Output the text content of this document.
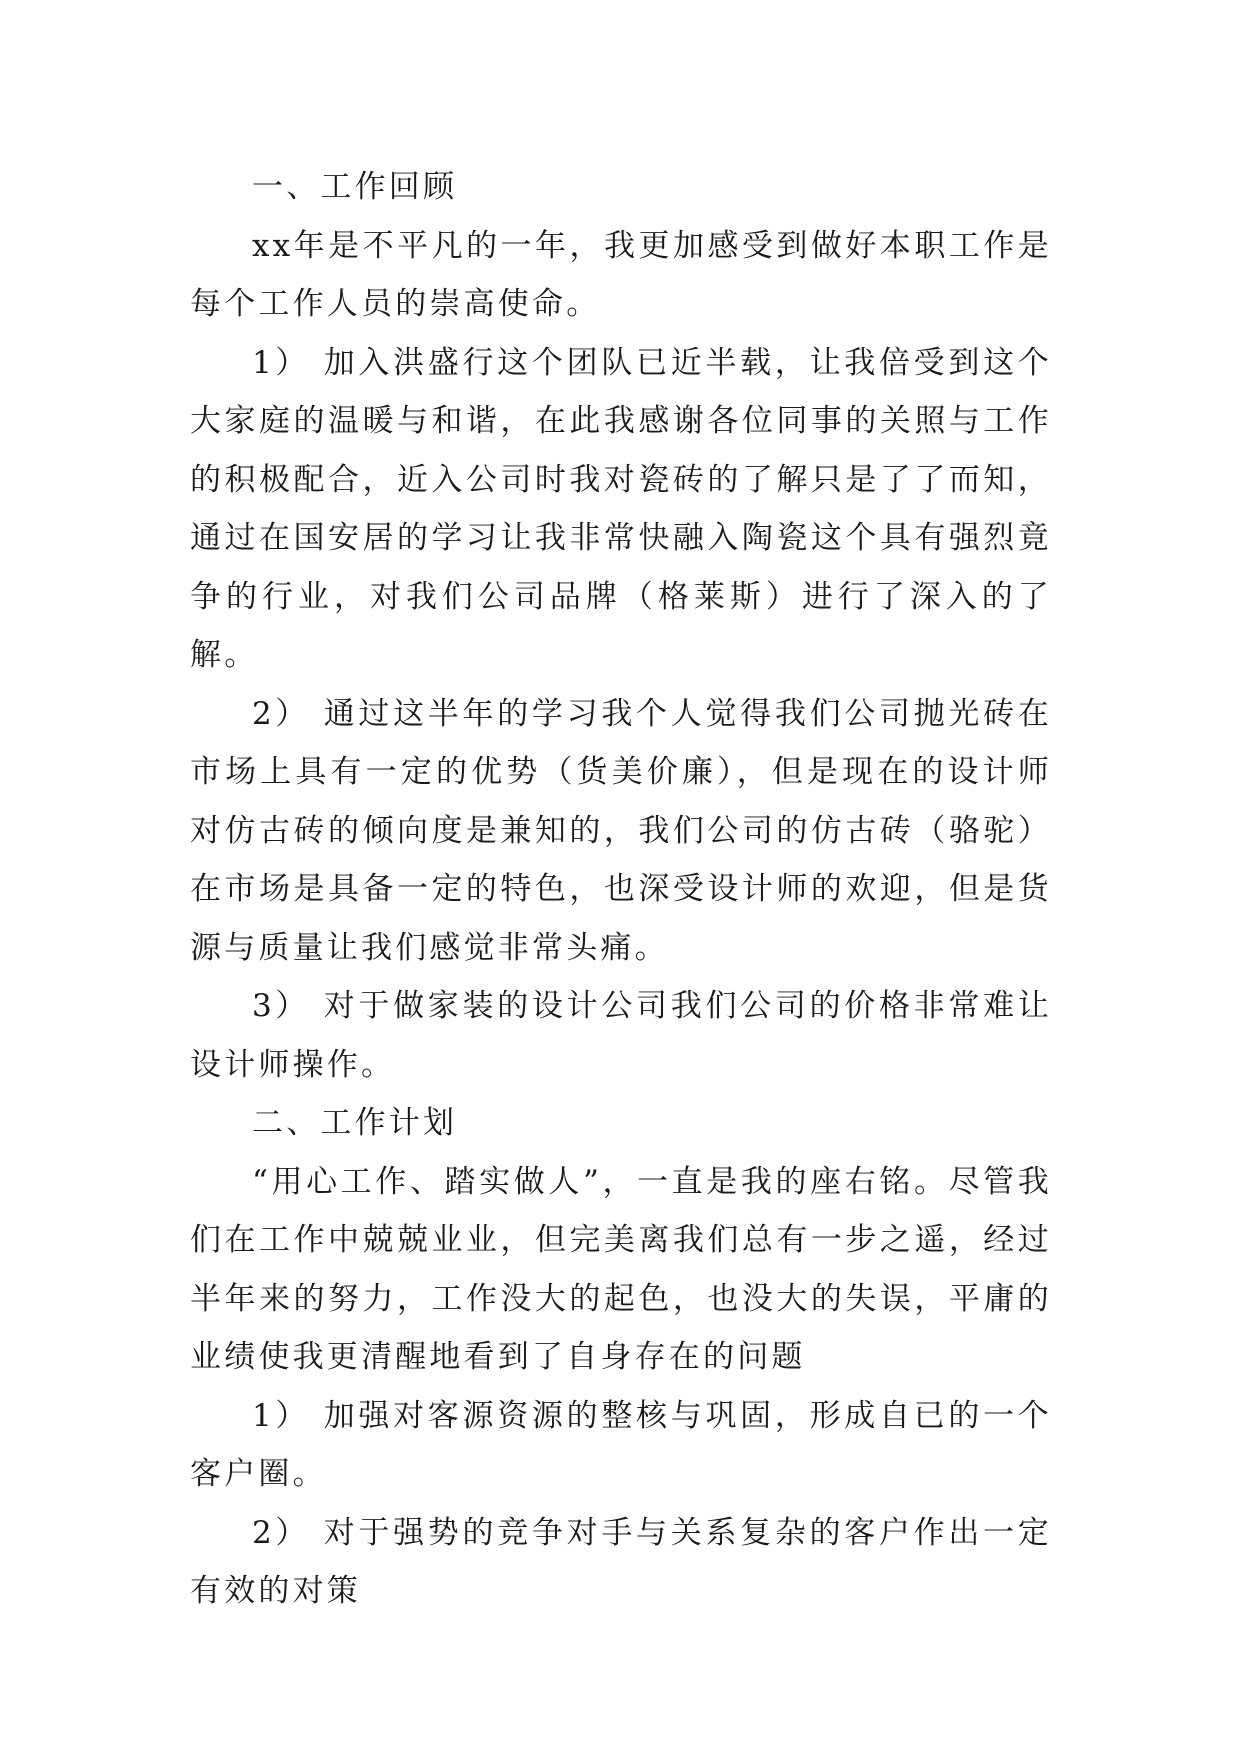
一、工作回顾

xx年是不平凡的一年，我更加感受到做好本职工作是每个工作人员的崇高使命。

1） 加入洪盛行这个团队已近半载，让我倍受到这个大家庭的温暖与和谐，在此我感谢各位同事的关照与工作的积极配合，近入公司时我对瓷砖的了解只是了了而知，通过在国安居的学习让我非常快融入陶瓷这个具有强烈竟争的行业，对我们公司品牌（格莱斯）进行了深入的了解。

2） 通过这半年的学习我个人觉得我们公司抛光砖在市场上具有一定的优势（货美价廉），但是现在的设计师对仿古砖的倾向度是兼知的，我们公司的仿古砖（骆驼）在市场是具备一定的特色，也深受设计师的欢迎，但是货源与质量让我们感觉非常头痛。

3） 对于做家装的设计公司我们公司的价格非常难让设计师操作。

二、工作计划

“用心工作、踏实做人”，一直是我的座右铭。尽管我们在工作中兢兢业业，但完美离我们总有一步之遥，经过半年来的努力，工作没大的起色，也没大的失误，平庸的业绩使我更清醒地看到了自身存在的问题

1） 加强对客源资源的整核与巩固，形成自已的一个客户圈。

2） 对于强势的竞争对手与关系复杂的客户作出一定有效的对策
